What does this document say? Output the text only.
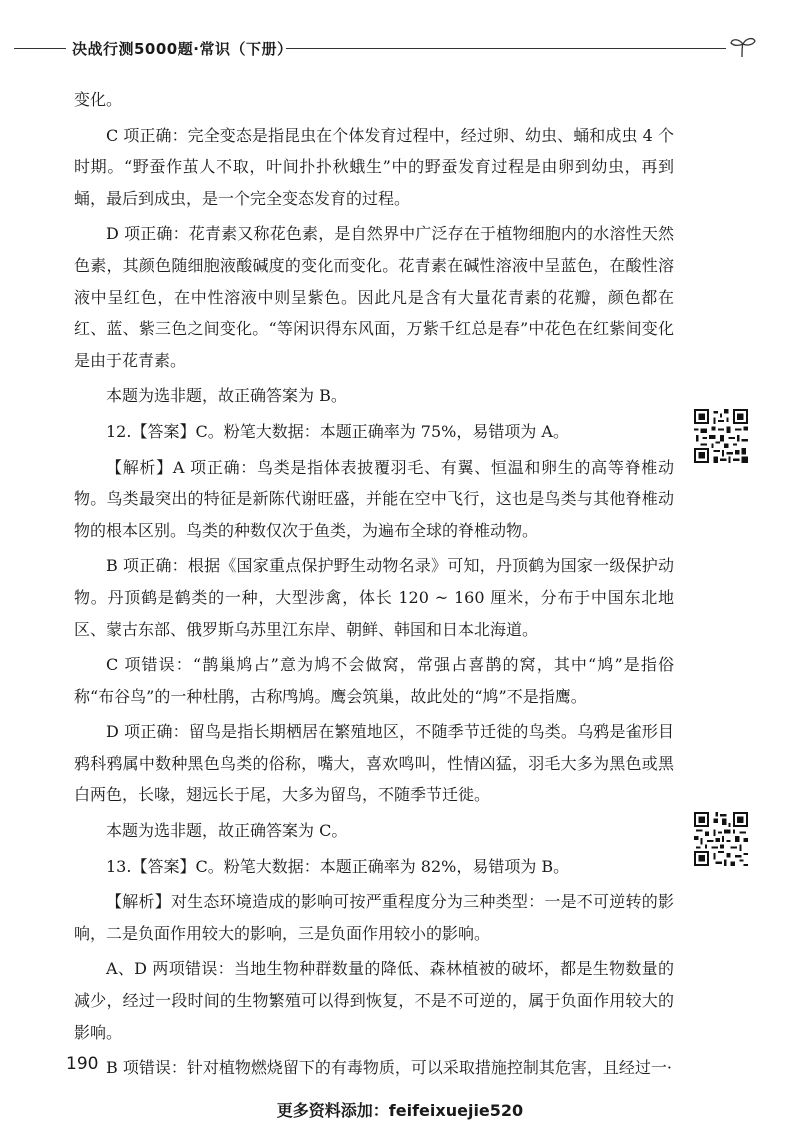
决战行测5000题·常识（下册）

变化。

C 项正确：完全变态是指昆虫在个体发育过程中，经过卵、幼虫、蛹和成虫 4 个时期。“野蚕作茧人不取，叶间扑扑秋蛾生”中的野蚕发育过程是由卵到幼虫，再到蛹，最后到成虫，是一个完全变态发育的过程。

D 项正确：花青素又称花色素，是自然界中广泛存在于植物细胞内的水溶性天然色素，其颜色随细胞液酸碱度的变化而变化。花青素在碱性溶液中呈蓝色，在酸性溶液中呈红色，在中性溶液中则呈紫色。因此凡是含有大量花青素的花瓣，颜色都在红、蓝、紫三色之间变化。“等闲识得东风面，万紫千红总是春”中花色在红紫间变化是由于花青素。

本题为选非题，故正确答案为 B。

12.【答案】C。粉笔大数据：本题正确率为 75%，易错项为 A。

【解析】A 项正确：鸟类是指体表披覆羽毛、有翼、恒温和卵生的高等脊椎动物。鸟类最突出的特征是新陈代谢旺盛，并能在空中飞行，这也是鸟类与其他脊椎动物的根本区别。鸟类的种数仅次于鱼类，为遍布全球的脊椎动物。

B 项正确：根据《国家重点保护野生动物名录》可知，丹顶鹤为国家一级保护动物。丹顶鹤是鹤类的一种，大型涉禽，体长 120 ~ 160 厘米，分布于中国东北地区、蒙古东部、俄罗斯乌苏里江东岸、朝鲜、韩国和日本北海道。

C 项错误：“鹊巢鸠占”意为鸠不会做窝，常强占喜鹊的窝，其中“鸠”是指俗称“布谷鸟”的一种杜鹃，古称鸤鸠。鹰会筑巢，故此处的“鸠”不是指鹰。

D 项正确：留鸟是指长期栖居在繁殖地区，不随季节迁徙的鸟类。乌鸦是雀形目鸦科鸦属中数种黑色鸟类的俗称，嘴大，喜欢鸣叫，性情凶猛，羽毛大多为黑色或黑白两色，长喙，翅远长于尾，大多为留鸟，不随季节迁徙。

本题为选非题，故正确答案为 C。

13.【答案】C。粉笔大数据：本题正确率为 82%，易错项为 B。

【解析】对生态环境造成的影响可按严重程度分为三种类型：一是不可逆转的影响，二是负面作用较大的影响，三是负面作用较小的影响。

A、D 两项错误：当地生物种群数量的降低、森林植被的破坏，都是生物数量的减少，经过一段时间的生物繁殖可以得到恢复，不是不可逆的，属于负面作用较大的影响。

B 项错误：针对植物燃烧留下的有毒物质，可以采取措施控制其危害，且经过一·

190
更多资料添加：feifeixuejie520
